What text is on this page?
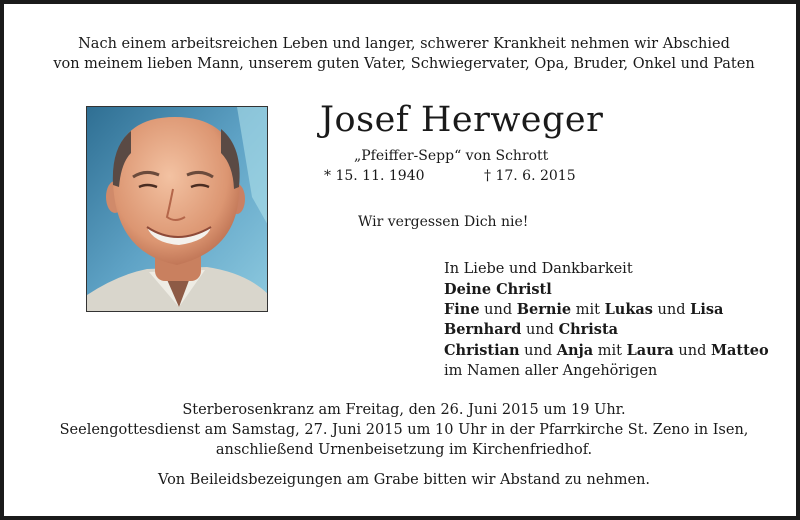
Nach einem arbeitsreichen Leben und langer, schwerer Krankheit nehmen wir Abschied
von meinem lieben Mann, unserem guten Vater, Schwiegervater, Opa, Bruder, Onkel und Paten
Josef Herweger
„Pfeiffer-Sepp“ von Schrott
* 15. 11. 1940	† 17. 6. 2015
Wir vergessen Dich nie!
In Liebe und Dankbarkeit
Deine Christl
Fine und Bernie mit Lukas und Lisa
Bernhard und Christa
Christian und Anja mit Laura und Matteo
im Namen aller Angehörigen
Sterberosenkranz am Freitag, den 26. Juni 2015 um 19 Uhr.
Seelengottesdienst am Samstag, 27. Juni 2015 um 10 Uhr in der Pfarrkirche St. Zeno in Isen,
anschließend Urnenbeisetzung im Kirchenfriedhof.
Von Beileidsbezeigungen am Grabe bitten wir Abstand zu nehmen.
